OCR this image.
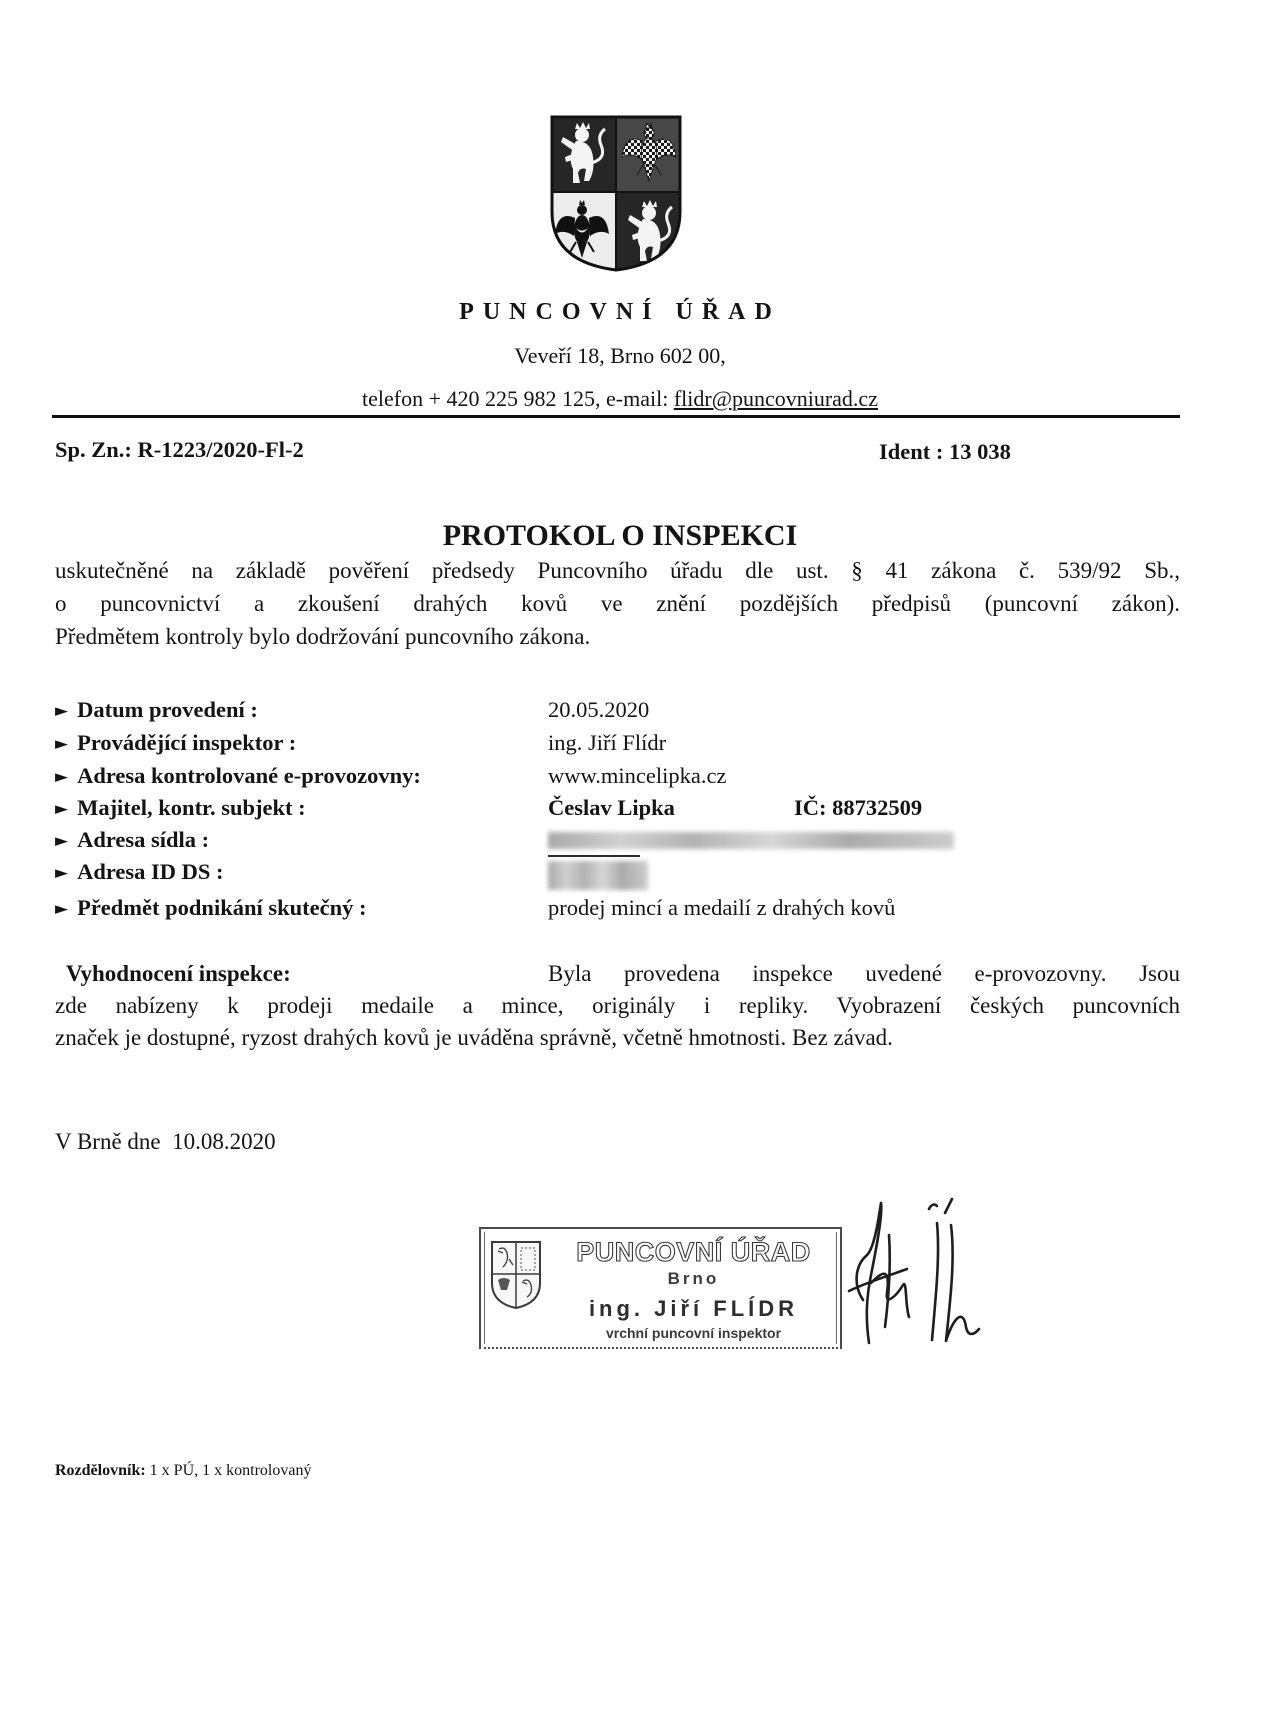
PUNCOVNÍ ÚŘAD
Veveří 18, Brno 602 00,
telefon + 420 225 982 125, e-mail: flidr@puncovniurad.cz
Sp. Zn.: R-1223/2020-Fl-2	Ident : 13 038
PROTOKOL O INSPEKCI
uskutečněné na základě pověření předsedy Puncovního úřadu dle ust. § 41 zákona č. 539/92 Sb.,
o puncovnictví a zkoušení drahých kovů ve znění pozdějších předpisů (puncovní zákon).
Předmětem kontroly bylo dodržování puncovního zákona.
► Datum provedení :	20.05.2020
► Provádějící inspektor :	ing. Jiří Flídr
► Adresa kontrolované e-provozovny:	www.mincelipka.cz
► Majitel, kontr. subjekt :	Česlav Lipka	IČ: 88732509
► Adresa sídla :
► Adresa ID DS :
► Předmět podnikání skutečný :	prodej mincí a medailí z drahých kovů
Vyhodnocení inspekce:	Byla provedena inspekce uvedené e-provozovny. Jsou
zde nabízeny k prodeji medaile a mince, originály i repliky. Vyobrazení českých puncovních
značek je dostupné, ryzost drahých kovů je uváděna správně, včetně hmotnosti. Bez závad.
V Brně dne  10.08.2020
PUNCOVNÍ ÚŘAD
Brno
ing. Jiří FLÍDR
vrchní puncovní inspektor
Rozdělovník: 1 x PÚ, 1 x kontrolovaný
